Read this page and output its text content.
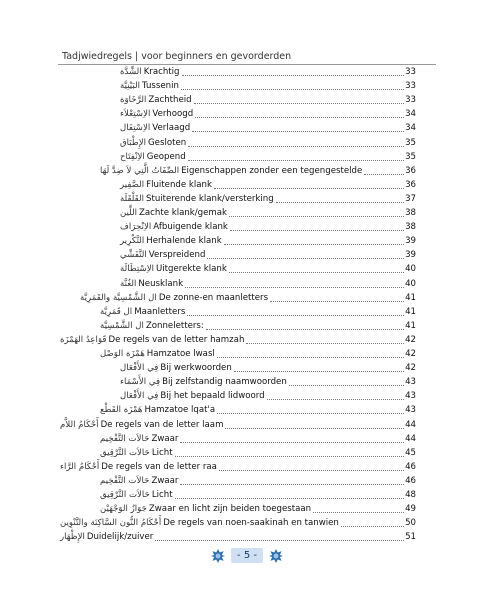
Tadjwiedregels | voor beginners en gevorderden
الشِّدَّة Krachtig	33
البَيْنِيَّة Tussenin	33
الرَّخَاوَة Zachtheid	33
الاِسْتِعْلاَء Verhoogd	34
الاِسْتِفَال Verlaagd	34
الإِطْبَاق Gesloten	35
الاِنْفِتَاح Geopend	35
الصِّفَاتُ الَّتِي لاَ ضِدَّ لَهَا Eigenschappen zonder een tegengestelde	36
الصَّفِير Fluitende klank	36
القَلْقَلَة Stuiterende klank/versterking	37
اللِّين Zachte klank/gemak	38
الاِنْحِرَاف Afbuigende klank	38
التَّكْرِير Herhalende klank	39
التَّفَشِّي Verspreidend	39
الاِسْتِطَالَة Uitgerekte klank	40
الغُنَّة Neusklank	40
ال الشَّمْسِيَّة والقَمَرِيَّة De zonne-en maanletters	41
ال قَمَرِيَّة Maanletters	41
ال الشَّمْسِيَّة Zonneletters:	41
قَوَاعِدُ الهَمْزَة De regels van de letter hamzah	42
هَمْزَة الوَصْل Hamzatoe lwasl	42
فِي الأَفْعَال Bij werkwoorden	42
فِي الأَسْمَاء Bij zelfstandig naamwoorden	43
فِي الأَفْعَال Bij het bepaald lidwoord	43
هَمْزَة القَطْع Hamzatoe lqat'a	43
أَحْكَامُ اللاَّم De regels van de letter laam	44
حَالاَت التَّفْخِيم Zwaar	44
حَالاَت التَّرْقِيق Licht	45
أَحْكَامُ الرَّاء De regels van de letter raa	46
حَالاَت التَّفْخِيم Zwaar	46
حَالاَت التَّرْقِيق Licht	48
جَوَازُ الوَجْهَيْن Zwaar en licht zijn beiden toegestaan	49
أَحْكَامُ النُّون السَّاكِنَة والتَّنْوِين De regels van noen-saakinah en tanwien	50
الإِظْهَار Duidelijk/zuiver	51
- 5 -
